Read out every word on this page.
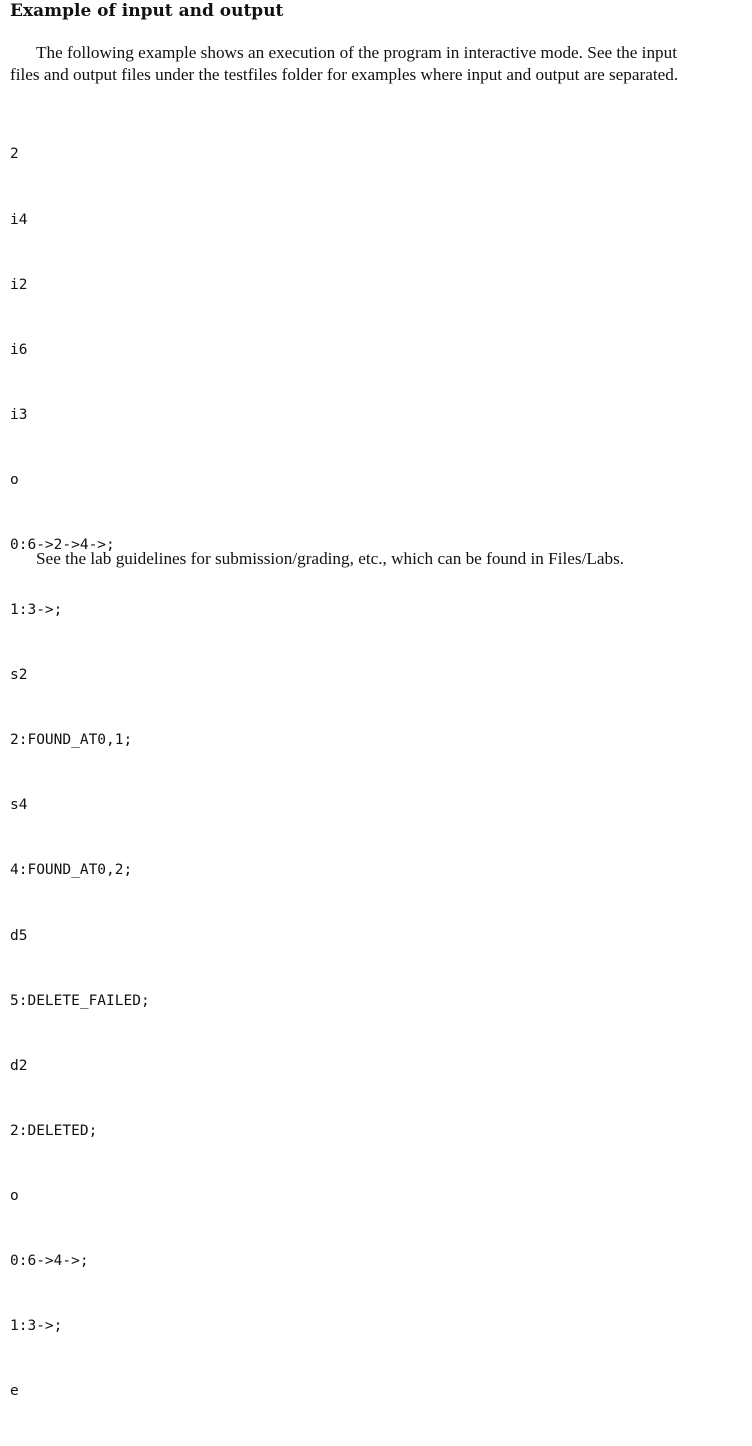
Example of input and output

The following example shows an execution of the program in interactive mode. See the input
files and output files under the testfiles folder for examples where input and output are separated.

2

i4

i2

i6

i3

o

0:6->2->4->;

1:3->;

s2

2:FOUND_AT0,1;

s4

4:FOUND_AT0,2;

d5

5:DELETE_FAILED;

d2

2:DELETED;

o

0:6->4->;

1:3->;

e

See the lab guidelines for submission/grading, etc., which can be found in Files/Labs.
